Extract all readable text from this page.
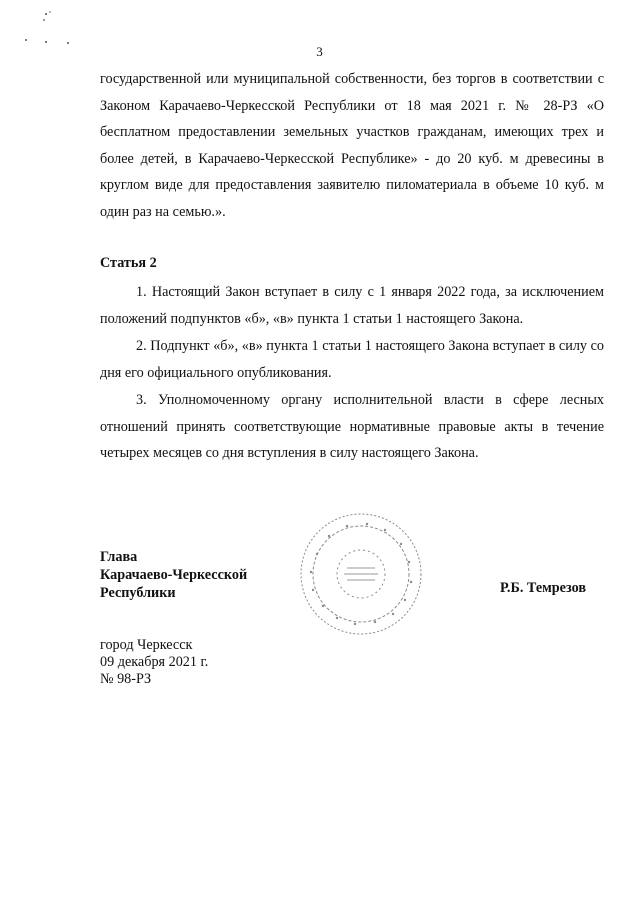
3
государственной или муниципальной собственности, без торгов в соответствии с Законом Карачаево-Черкесской Республики от 18 мая 2021 г. № 28-РЗ «О бесплатном предоставлении земельных участков гражданам, имеющих трех и более детей, в Карачаево-Черкесской Республике» - до 20 куб. м древесины в круглом виде для предоставления заявителю пиломатериала в объеме 10 куб. м один раз на семью.».
Статья 2

1. Настоящий Закон вступает в силу с 1 января 2022 года, за исключением положений подпунктов «б», «в» пункта 1 статьи 1 настоящего Закона.

2. Подпункт «б», «в» пункта 1 статьи 1 настоящего Закона вступает в силу со дня его официального опубликования.

3. Уполномоченному органу исполнительной власти в сфере лесных отношений принять соответствующие нормативные правовые акты в течение четырех месяцев со дня вступления в силу настоящего Закона.

Глава
Карачаево-Черкесской
Республики	Р.Б. Темрезов
город Черкесск
09 декабря 2021 г.
№ 98-РЗ
